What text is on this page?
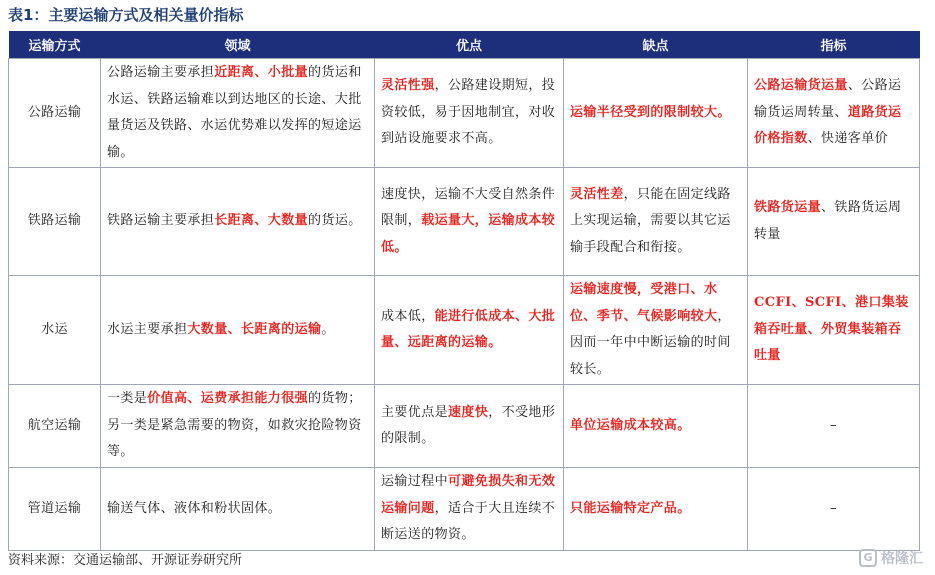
表1：主要运输方式及相关量价指标
运输方式	领域	优点	缺点	指标
公路运输	公路运输主要承担近距离、小批量的货运和水运、铁路运输难以到达地区的长途、大批量货运及铁路、水运优势难以发挥的短途运输。	灵活性强，公路建设期短，投资较低，易于因地制宜，对收到站设施要求不高。	运输半径受到的限制较大。	公路运输货运量、公路运输货运周转量、道路货运价格指数、快递客单价
铁路运输	铁路运输主要承担长距离、大数量的货运。	速度快，运输不大受自然条件限制，载运量大，运输成本较低。	灵活性差，只能在固定线路上实现运输，需要以其它运输手段配合和衔接。	铁路货运量、铁路货运周转量
水运	水运主要承担大数量、长距离的运输。	成本低，能进行低成本、大批量、远距离的运输。	运输速度慢，受港口、水位、季节、气候影响较大，因而一年中中断运输的时间较长。	CCFI、SCFI、港口集装箱吞吐量、外贸集装箱吞吐量
航空运输	一类是价值高、运费承担能力很强的货物；另一类是紧急需要的物资，如救灾抢险物资等。	主要优点是速度快，不受地形的限制。	单位运输成本较高。	–
管道运输	输送气体、液体和粉状固体。	运输过程中可避免损失和无效运输问题，适合于大且连续不断运送的物资。	只能运输特定产品。	–
资料来源：交通运输部、开源证券研究所	G 格隆汇
